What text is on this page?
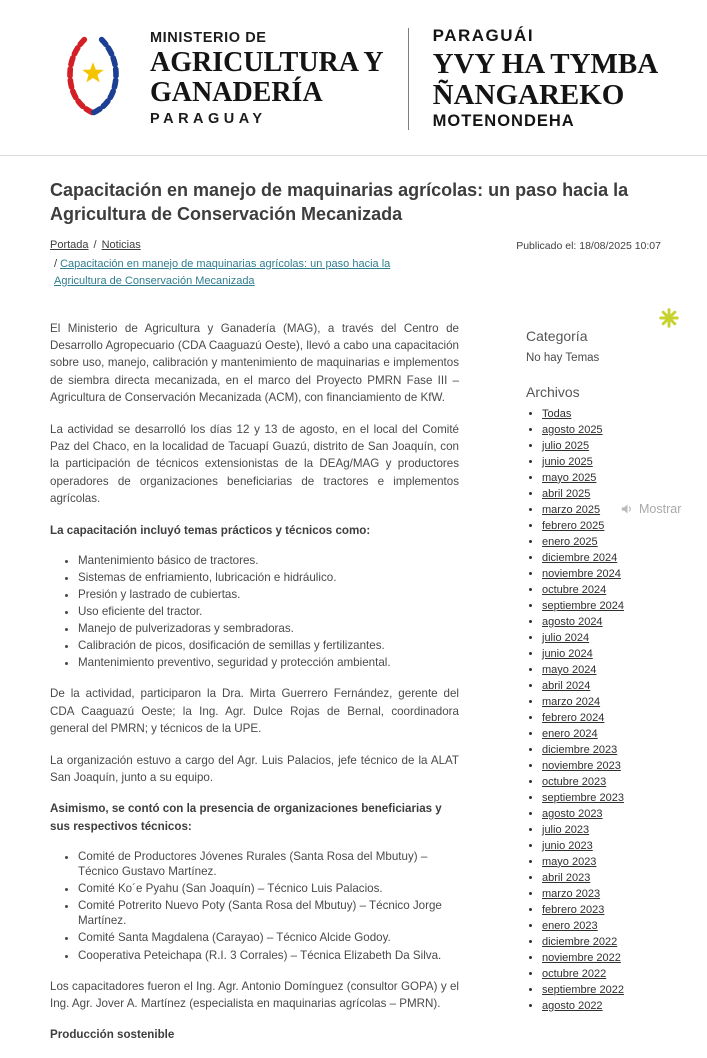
MINISTERIO DE
AGRICULTURA Y
GANADERÍA
PARAGUAY
PARAGUÁI
YVY HA TYMBA
ÑANGAREKO
MOTENONDEHA
Capacitación en manejo de maquinarias agrícolas: un paso hacia la Agricultura de Conservación Mecanizada
Portada / Noticias	Publicado el: 18/08/2025 10:07
/ Capacitación en manejo de maquinarias agrícolas: un paso hacia la Agricultura de Conservación Mecanizada

El Ministerio de Agricultura y Ganadería (MAG), a través del Centro de Desarrollo Agropecuario (CDA Caaguazú Oeste), llevó a cabo una capacitación sobre uso, manejo, calibración y mantenimiento de maquinarias e implementos de siembra directa mecanizada, en el marco del Proyecto PMRN Fase III – Agricultura de Conservación Mecanizada (ACM), con financiamiento de KfW.

La actividad se desarrolló los días 12 y 13 de agosto, en el local del Comité Paz del Chaco, en la localidad de Tacuapí Guazú, distrito de San Joaquín, con la participación de técnicos extensionistas de la DEAg/MAG y productores operadores de organizaciones beneficiarias de tractores e implementos agrícolas.

La capacitación incluyó temas prácticos y técnicos como:

• Mantenimiento básico de tractores.
• Sistemas de enfriamiento, lubricación e hidráulico.
• Presión y lastrado de cubiertas.
• Uso eficiente del tractor.
• Manejo de pulverizadoras y sembradoras.
• Calibración de picos, dosificación de semillas y fertilizantes.
• Mantenimiento preventivo, seguridad y protección ambiental.

De la actividad, participaron la Dra. Mirta Guerrero Fernández, gerente del CDA Caaguazú Oeste; la Ing. Agr. Dulce Rojas de Bernal, coordinadora general del PMRN; y técnicos de la UPE.

La organización estuvo a cargo del Agr. Luis Palacios, jefe técnico de la ALAT San Joaquín, junto a su equipo.

Asimismo, se contó con la presencia de organizaciones beneficiarias y sus respectivos técnicos:

• Comité de Productores Jóvenes Rurales (Santa Rosa del Mbutuy) – Técnico Gustavo Martínez.
• Comité Ko´e Pyahu (San Joaquín) – Técnico Luis Palacios.
• Comité Potrerito Nuevo Poty (Santa Rosa del Mbutuy) – Técnico Jorge Martínez.
• Comité Santa Magdalena (Carayao) – Técnico Alcide Godoy.
• Cooperativa Peteichapa (R.I. 3 Corrales) – Técnica Elizabeth Da Silva.

Los capacitadores fueron el Ing. Agr. Antonio Domínguez (consultor GOPA) y el Ing. Agr. Jover A. Martínez (especialista en maquinarias agrícolas – PMRN).

Producción sostenible

Categoría
No hay Temas
Archivos
• Todas
• agosto 2025
• julio 2025
• junio 2025
• mayo 2025
• abril 2025
• marzo 2025
• febrero 2025
• enero 2025
• diciembre 2024
• noviembre 2024
• octubre 2024
• septiembre 2024
• agosto 2024
• julio 2024
• junio 2024
• mayo 2024
• abril 2024
• marzo 2024
• febrero 2024
• enero 2024
• diciembre 2023
• noviembre 2023
• octubre 2023
• septiembre 2023
• agosto 2023
• julio 2023
• junio 2023
• mayo 2023
• abril 2023
• marzo 2023
• febrero 2023
• enero 2023
• diciembre 2022
• noviembre 2022
• octubre 2022
• septiembre 2022
• agosto 2022
Mostrar
